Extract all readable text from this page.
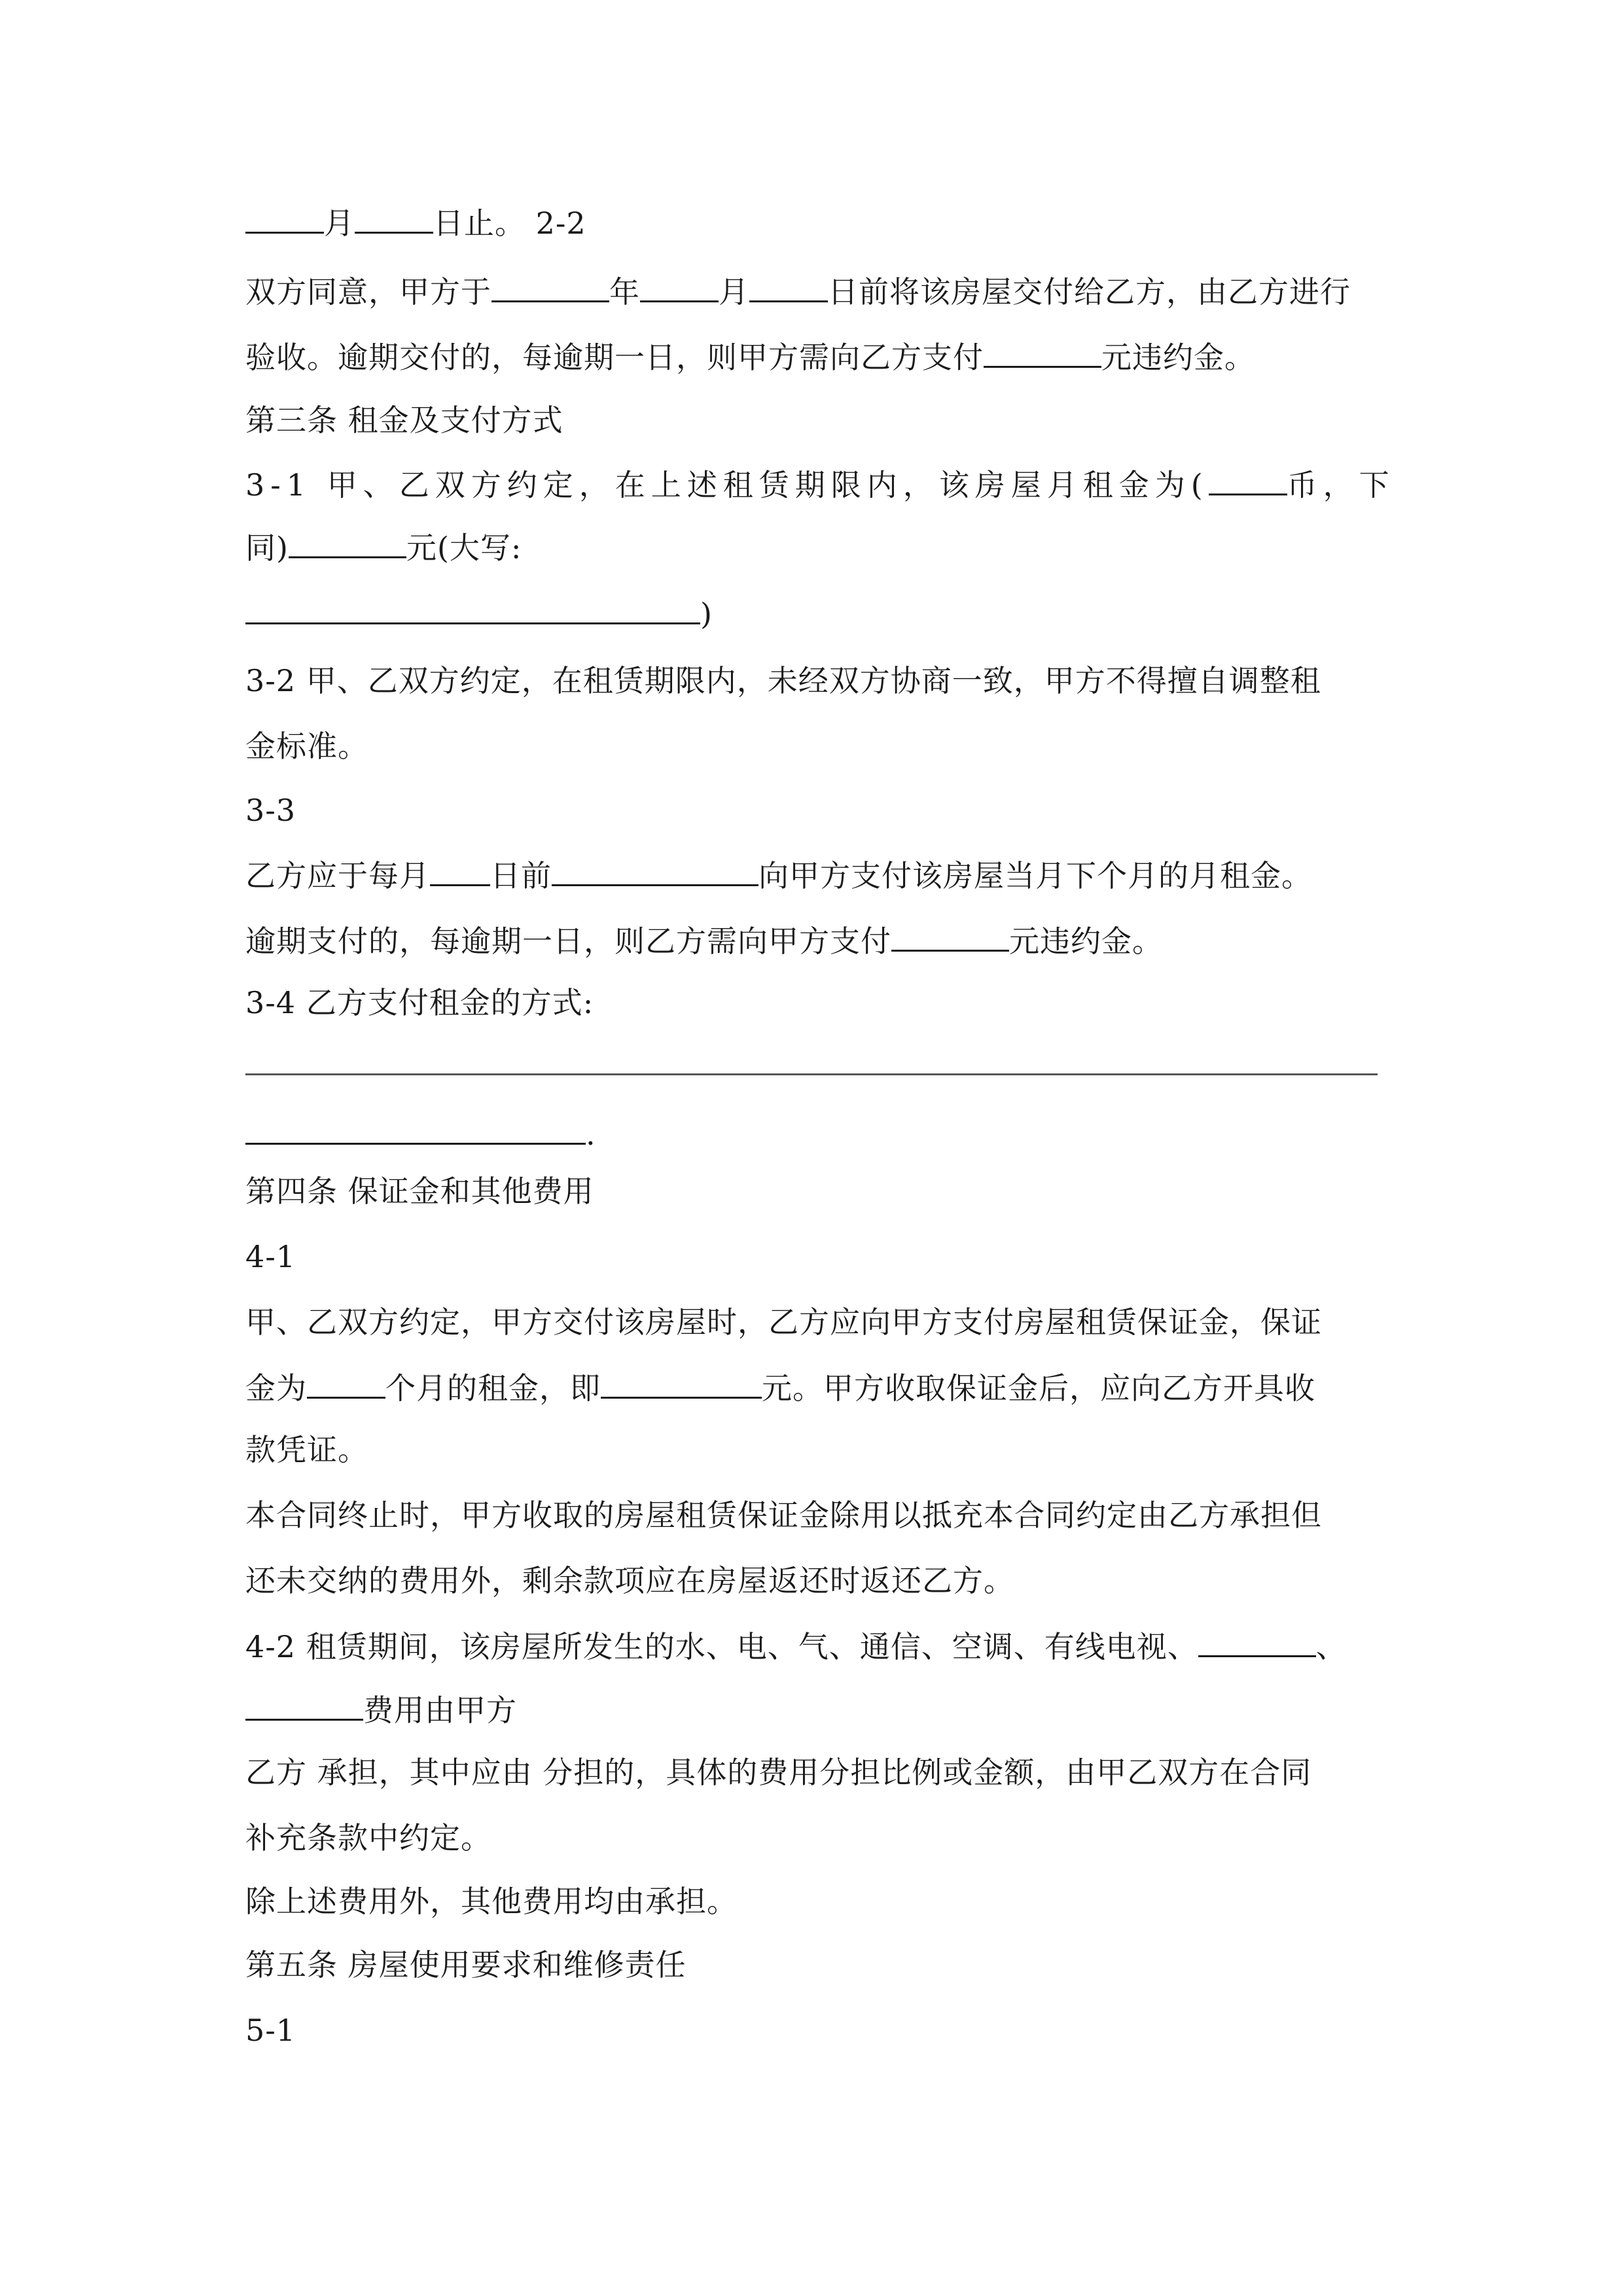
月	日止。 2-2
双方同意，甲方于	年	月	日前将该房屋交付给乙方，由乙方进行
验收。逾期交付的，每逾期一日，则甲方需向乙方支付	元违约金。
第三条 租金及支付方式
3-1 甲、乙双方约定，在上述租赁期限内，该房屋月租金为(	币，下
同)	元(大写:
)
3-2 甲、乙双方约定，在租赁期限内，未经双方协商一致，甲方不得擅自调整租
金标准。
3-3
乙方应于每月 日前	向甲方支付该房屋当月下个月的月租金。
逾期支付的，每逾期一日，则乙方需向甲方支付	元违约金。
3-4 乙方支付租金的方式:
.
第四条 保证金和其他费用
4-1
甲、乙双方约定，甲方交付该房屋时，乙方应向甲方支付房屋租赁保证金，保证
金为	个月的租金，即	元。甲方收取保证金后，应向乙方开具收
款凭证。
本合同终止时，甲方收取的房屋租赁保证金除用以抵充本合同约定由乙方承担但
还未交纳的费用外，剩余款项应在房屋返还时返还乙方。
4-2 租赁期间，该房屋所发生的水、电、气、通信、空调、有线电视、	、
费用由甲方
乙方 承担，其中应由 分担的，具体的费用分担比例或金额，由甲乙双方在合同
补充条款中约定。
除上述费用外，其他费用均由承担。
第五条 房屋使用要求和维修责任
5-1
